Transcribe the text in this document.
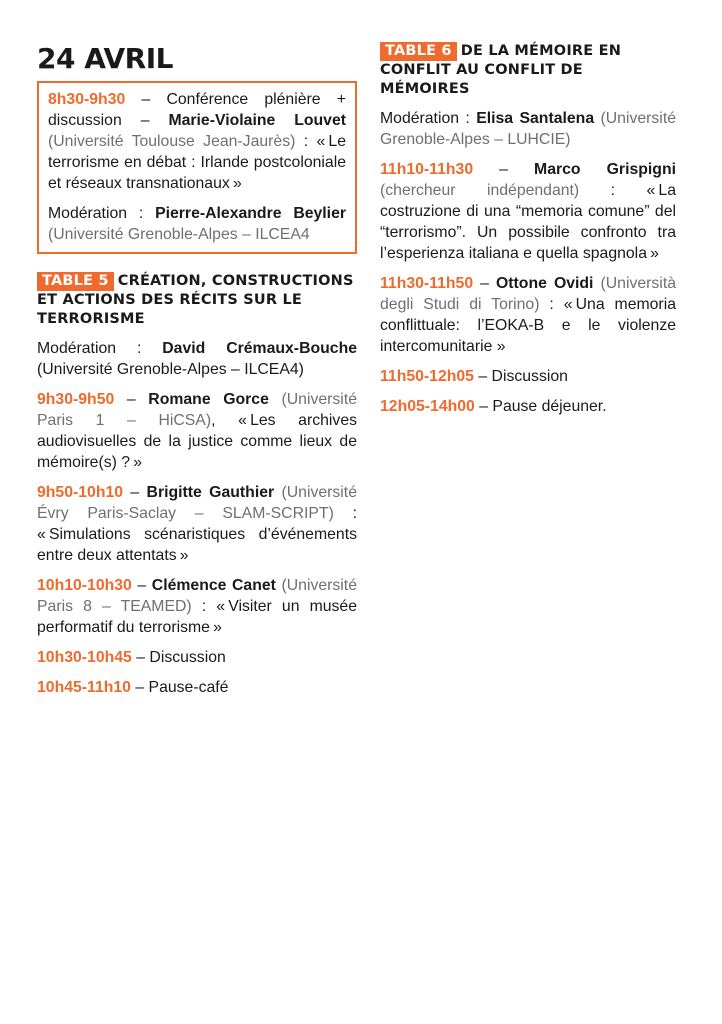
24 AVRIL

8h30-9h30 – Conférence plénière + discussion – Marie-Violaine Louvet (Université Toulouse Jean-Jaurès) : « Le terrorisme en débat : Irlande postcoloniale et réseaux transnationaux »

Modération : Pierre-Alexandre Beylier (Université Grenoble-Alpes – ILCEA4

TABLE 5 CRÉATION, CONSTRUCTIONS ET ACTIONS DES RÉCITS SUR LE TERRORISME

Modération : David Crémaux-Bouche (Université Grenoble-Alpes – ILCEA4)

9h30-9h50 – Romane Gorce (Université Paris 1 – HiCSA), « Les archives audiovisuelles de la justice comme lieux de mémoire(s) ? »

9h50-10h10 – Brigitte Gauthier (Université Évry Paris-Saclay – SLAM-SCRIPT) : « Simulations scénaristiques d’événements entre deux attentats »

10h10-10h30 – Clémence Canet (Université Paris 8 – TEAMED) : « Visiter un musée performatif du terrorisme »

10h30-10h45 – Discussion

10h45-11h10 – Pause-café

TABLE 6 DE LA MÉMOIRE EN CONFLIT AU CONFLIT DE MÉMOIRES

Modération : Elisa Santalena (Université Grenoble-Alpes – LUHCIE)

11h10-11h30 – Marco Grispigni (chercheur indépendant) : « La costruzione di una “memoria comune” del “terrorismo”. Un possibile confronto tra l’esperienza italiana e quella spagnola »

11h30-11h50 – Ottone Ovidi (Università degli Studi di Torino) : « Una memoria conflittuale: l’EOKA-B e le violenze intercomunitarie »

11h50-12h05 – Discussion

12h05-14h00 – Pause déjeuner.
